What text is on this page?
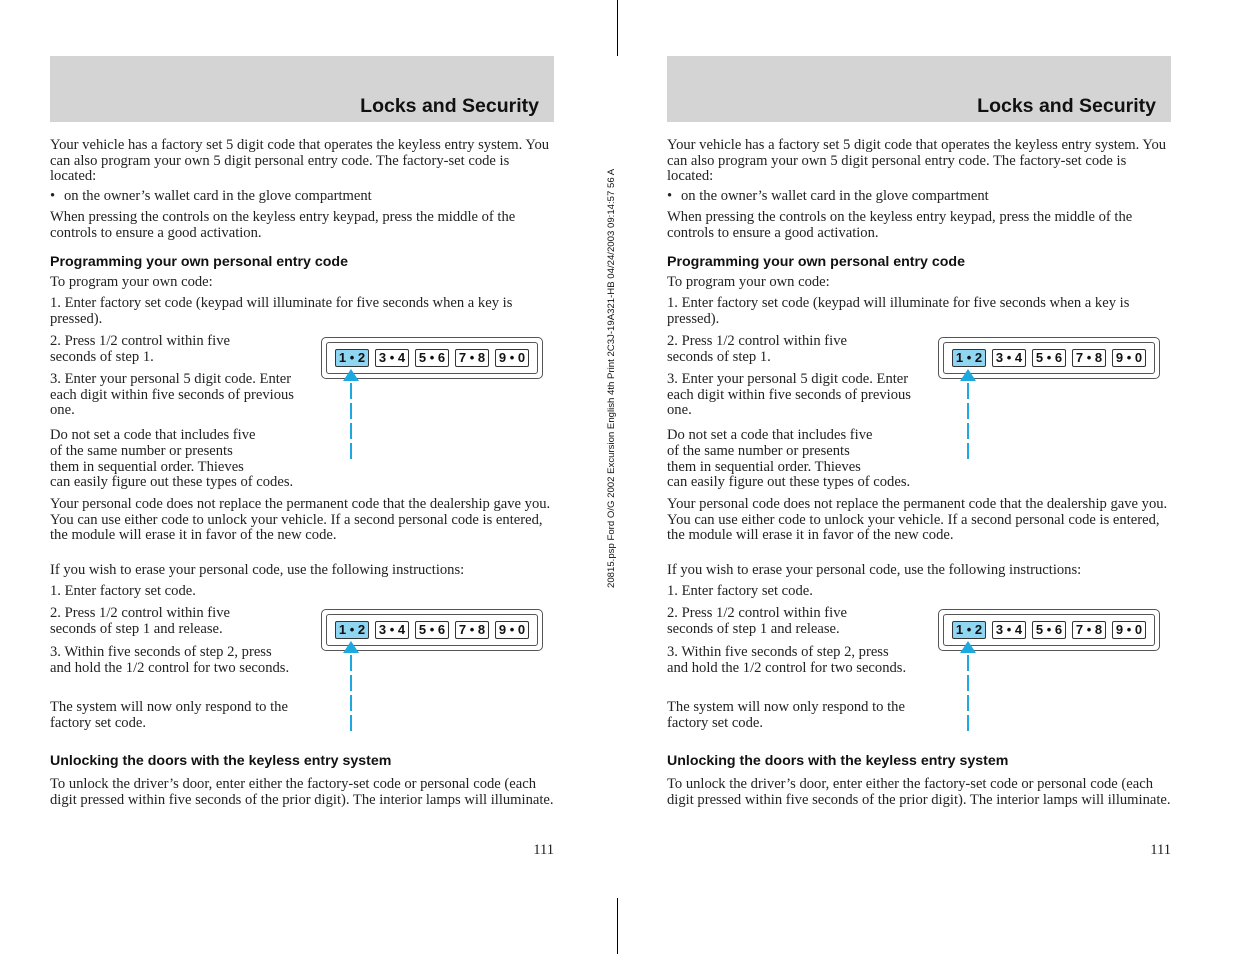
20815.psp Ford O/G 2002 Excursion English 4th Print 2C3J-19A321-HB 04/24/2003 09:14:57 56 A

Locks and Security

Your vehicle has a factory set 5 digit code that operates the keyless entry system. You can also program your own 5 digit personal entry code. The factory-set code is located:

• on the owner’s wallet card in the glove compartment

When pressing the controls on the keyless entry keypad, press the middle of the controls to ensure a good activation.

Programming your own personal entry code

To program your own code:

1. Enter factory set code (keypad will illuminate for five seconds when a key is pressed).

2. Press 1/2 control within five seconds of step 1.

3. Enter your personal 5 digit code. Enter each digit within five seconds of previous one.

Do not set a code that includes five

of the same number or presents

them in sequential order. Thieves

can easily figure out these types of codes.

1 • 2 3 • 4 5 • 6 7 • 8 9 • 0

Your personal code does not replace the permanent code that the dealership gave you. You can use either code to unlock your vehicle. If a second personal code is entered, the module will erase it in favor of the new code.

If you wish to erase your personal code, use the following instructions:

1. Enter factory set code.

2. Press 1/2 control within five seconds of step 1 and release.

3. Within five seconds of step 2, press and hold the 1/2 control for two seconds.

The system will now only respond to the factory set code.

1 • 2 3 • 4 5 • 6 7 • 8 9 • 0
Unlocking the doors with the keyless entry system

To unlock the driver’s door, enter either the factory-set code or personal code (each digit pressed within five seconds of the prior digit). The interior lamps will illuminate.

111

Locks and Security

Your vehicle has a factory set 5 digit code that operates the keyless entry system. You can also program your own 5 digit personal entry code. The factory-set code is located:

• on the owner’s wallet card in the glove compartment

When pressing the controls on the keyless entry keypad, press the middle of the controls to ensure a good activation.

Programming your own personal entry code

To program your own code:

1. Enter factory set code (keypad will illuminate for five seconds when a key is pressed).

2. Press 1/2 control within five seconds of step 1.

3. Enter your personal 5 digit code. Enter each digit within five seconds of previous one.

Do not set a code that includes five

of the same number or presents

them in sequential order. Thieves

can easily figure out these types of codes.

1 • 2 3 • 4 5 • 6 7 • 8 9 • 0

Your personal code does not replace the permanent code that the dealership gave you. You can use either code to unlock your vehicle. If a second personal code is entered, the module will erase it in favor of the new code.

If you wish to erase your personal code, use the following instructions:

1. Enter factory set code.

2. Press 1/2 control within five seconds of step 1 and release.

3. Within five seconds of step 2, press and hold the 1/2 control for two seconds.

The system will now only respond to the factory set code.

1 • 2 3 • 4 5 • 6 7 • 8 9 • 0
Unlocking the doors with the keyless entry system

To unlock the driver’s door, enter either the factory-set code or personal code (each digit pressed within five seconds of the prior digit). The interior lamps will illuminate.

111
